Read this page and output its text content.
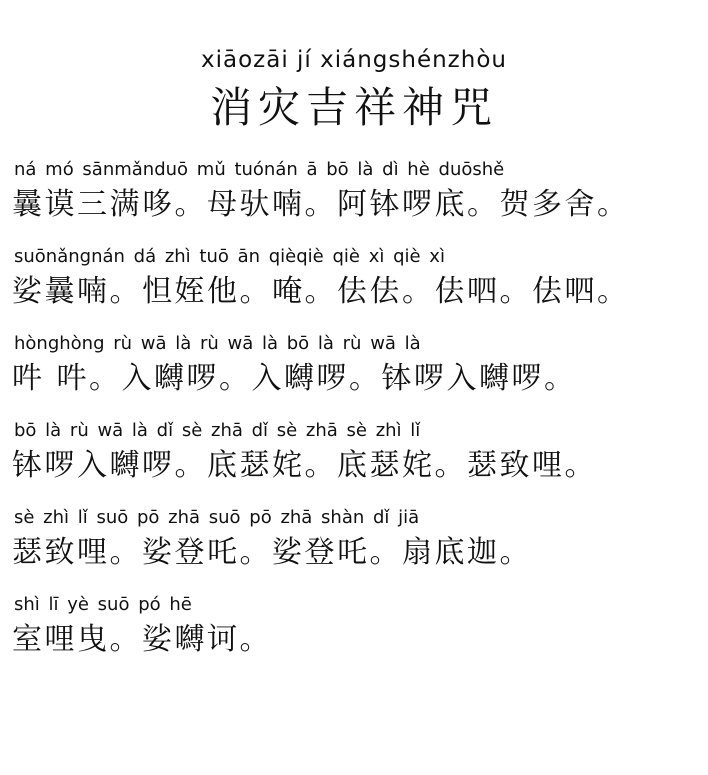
xiāozāi jí xiángshénzhòu
消灾吉祥神咒
ná mó sānmǎnduō mǔ tuónán ā bō là dì hè duōshě
曩谟三满哆。母驮喃。阿钵啰底。贺多舍。
suōnǎngnán dá zhì tuō ān qièqiè qiè xì qiè xì
娑曩喃。怛姪他。唵。佉佉。佉呬。佉呬。
hònghòng rù wā là rù wā là bō là rù wā là
吽 吽。入嚩啰。入嚩啰。钵啰入嚩啰。
bō là rù wā là dǐ sè zhā dǐ sè zhā sè zhì lǐ
钵啰入嚩啰。底瑟姹。底瑟姹。瑟致哩。
sè zhì lǐ suō pō zhā suō pō zhā shàn dǐ jiā
瑟致哩。娑登吒。娑登吒。扇底迦。
shì lī yè suō pó hē
室哩曳。娑嚩诃。
